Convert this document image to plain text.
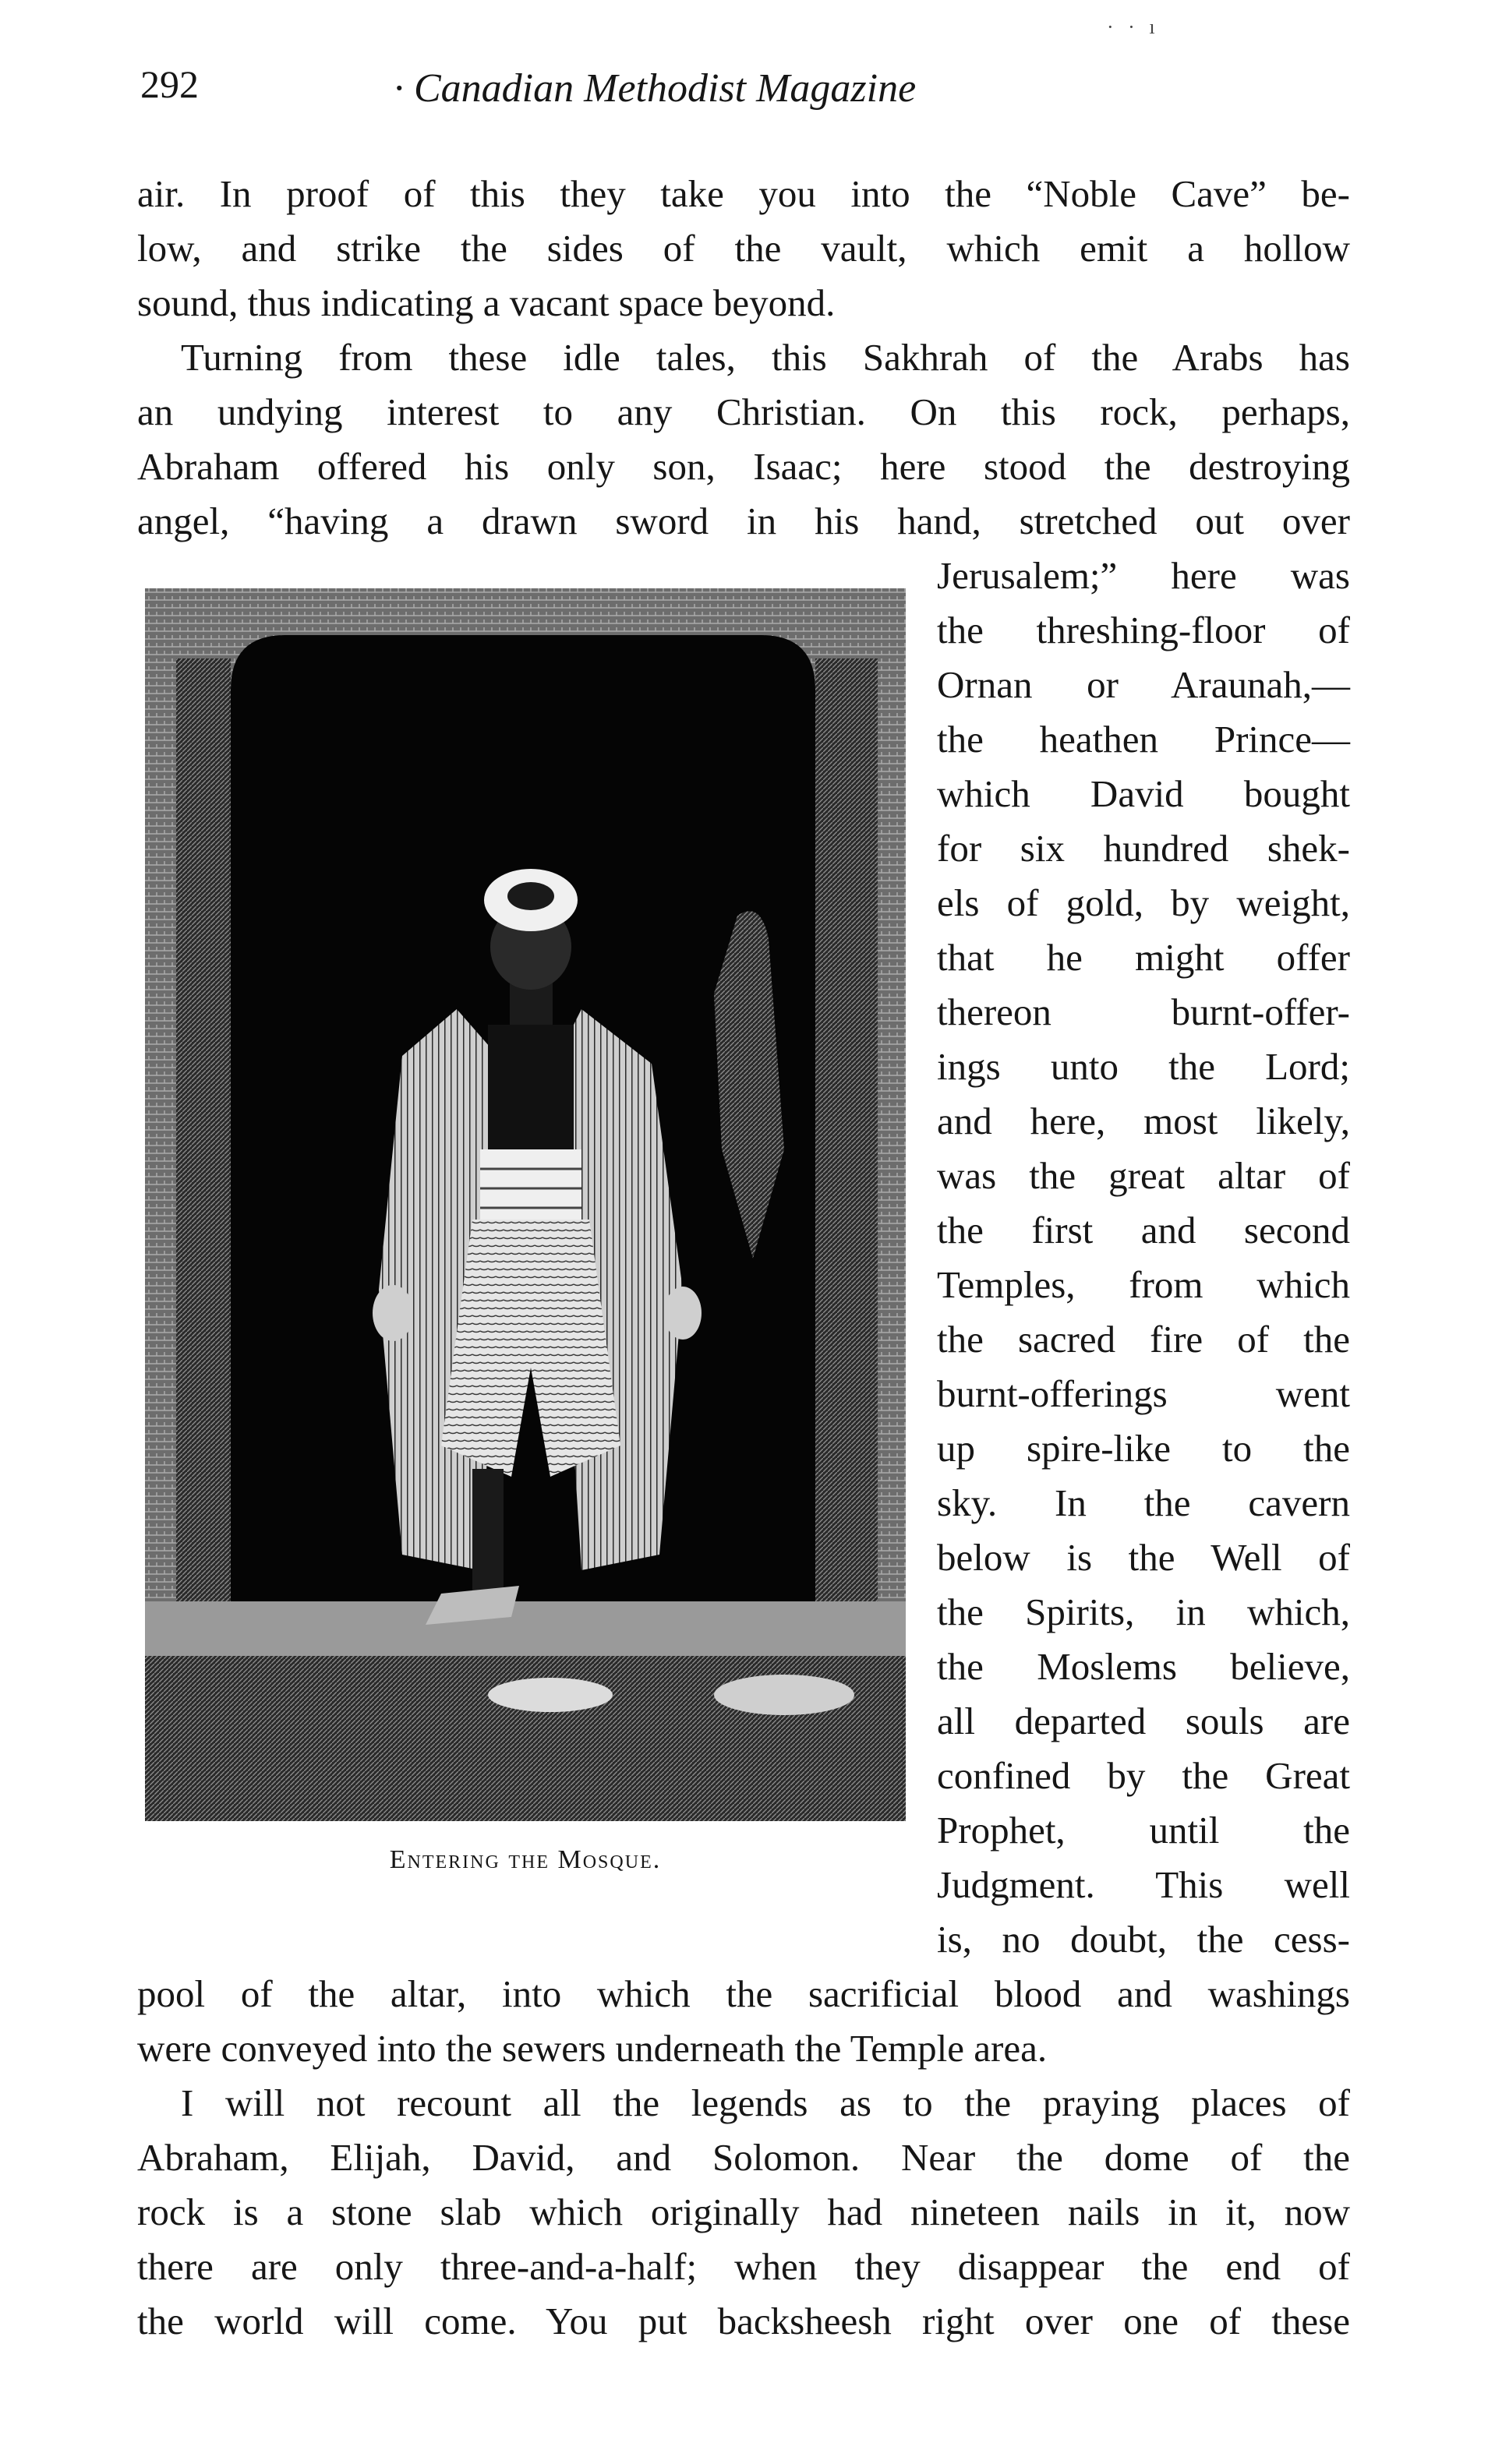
· · ı
292	· Canadian Methodist Magazine
air. In proof of this they take you into the “Noble Cave” be-
low, and strike the sides of the vault, which emit a hollow
sound, thus indicating a vacant space beyond.
Turning from these idle tales, this Sakhrah of the Arabs has
an undying interest to any Christian. On this rock, perhaps,
Abraham offered his only son, Isaac; here stood the destroying
angel, “having a drawn sword in his hand, stretched out over
Jerusalem;” here was
the threshing-floor of
Ornan or Araunah,—
the heathen Prince—
which David bought
for six hundred shek-
els of gold, by weight,
that he might offer
thereon burnt-offer-
ings unto the Lord;
and here, most likely,
was the great altar of
the first and second
Temples, from which
the sacred fire of the
burnt-offerings went
up spire-like to the
sky. In the cavern
below is the Well of
the Spirits, in which,
the Moslems believe,
all departed souls are
confined by the Great
Prophet, until the
Judgment. This well
is, no doubt, the cess-
Entering the Mosque.
pool of the altar, into which the sacrificial blood and washings
were conveyed into the sewers underneath the Temple area.
I will not recount all the legends as to the praying places of
Abraham, Elijah, David, and Solomon. Near the dome of the
rock is a stone slab which originally had nineteen nails in it, now
there are only three-and-a-half; when they disappear the end of
the world will come. You put backsheesh right over one of these
